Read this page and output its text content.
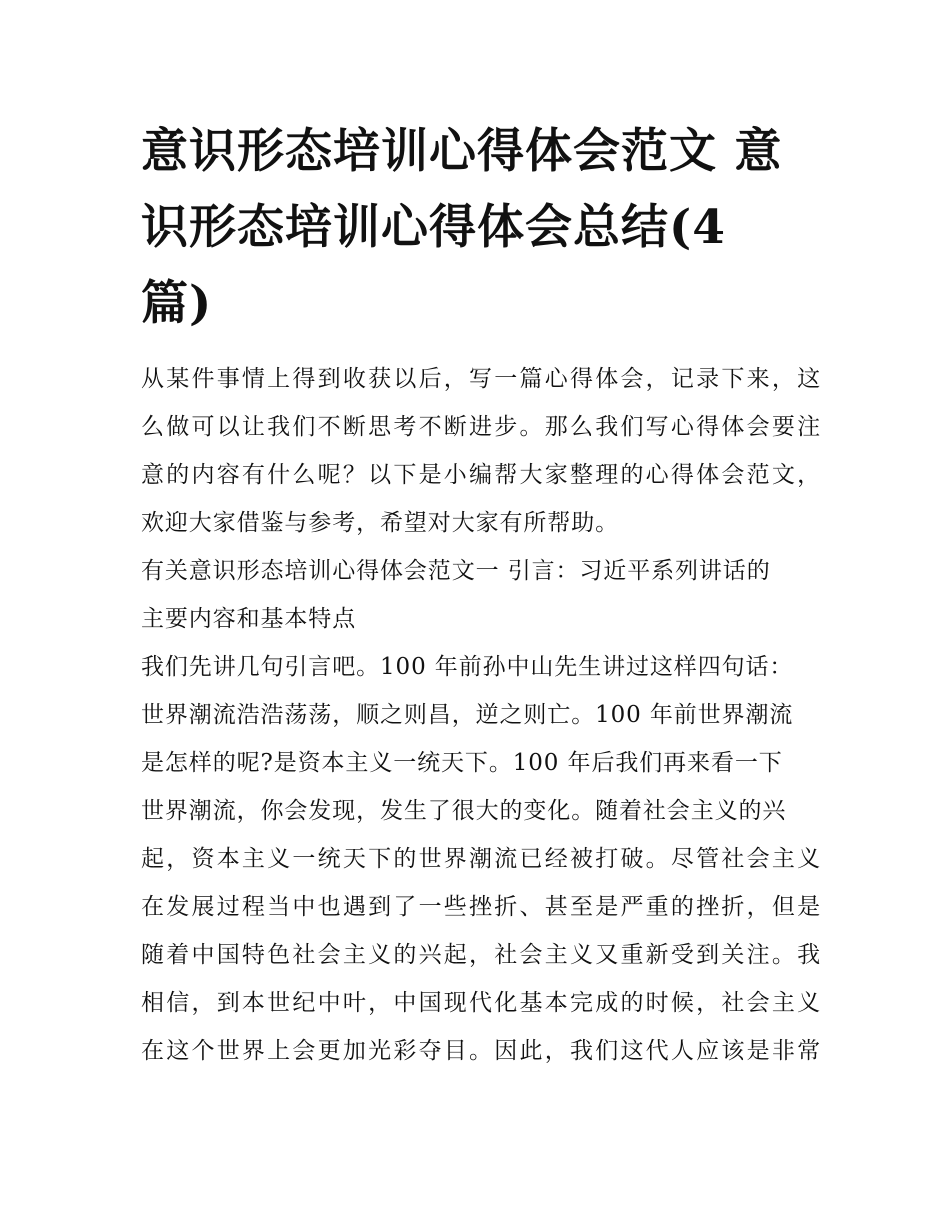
意识形态培训心得体会范文 意
识形态培训心得体会总结(4
篇)
从某件事情上得到收获以后，写一篇心得体会，记录下来，这
么做可以让我们不断思考不断进步。那么我们写心得体会要注
意的内容有什么呢？以下是小编帮大家整理的心得体会范文，
欢迎大家借鉴与参考，希望对大家有所帮助。
有关意识形态培训心得体会范文一 引言：习近平系列讲话的
主要内容和基本特点
我们先讲几句引言吧。100 年前孙中山先生讲过这样四句话：
世界潮流浩浩荡荡，顺之则昌，逆之则亡。100 年前世界潮流
是怎样的呢?是资本主义一统天下。100 年后我们再来看一下
世界潮流，你会发现，发生了很大的变化。随着社会主义的兴
起，资本主义一统天下的世界潮流已经被打破。尽管社会主义
在发展过程当中也遇到了一些挫折、甚至是严重的挫折，但是
随着中国特色社会主义的兴起，社会主义又重新受到关注。我
相信，到本世纪中叶，中国现代化基本完成的时候，社会主义
在这个世界上会更加光彩夺目。因此，我们这代人应该是非常
